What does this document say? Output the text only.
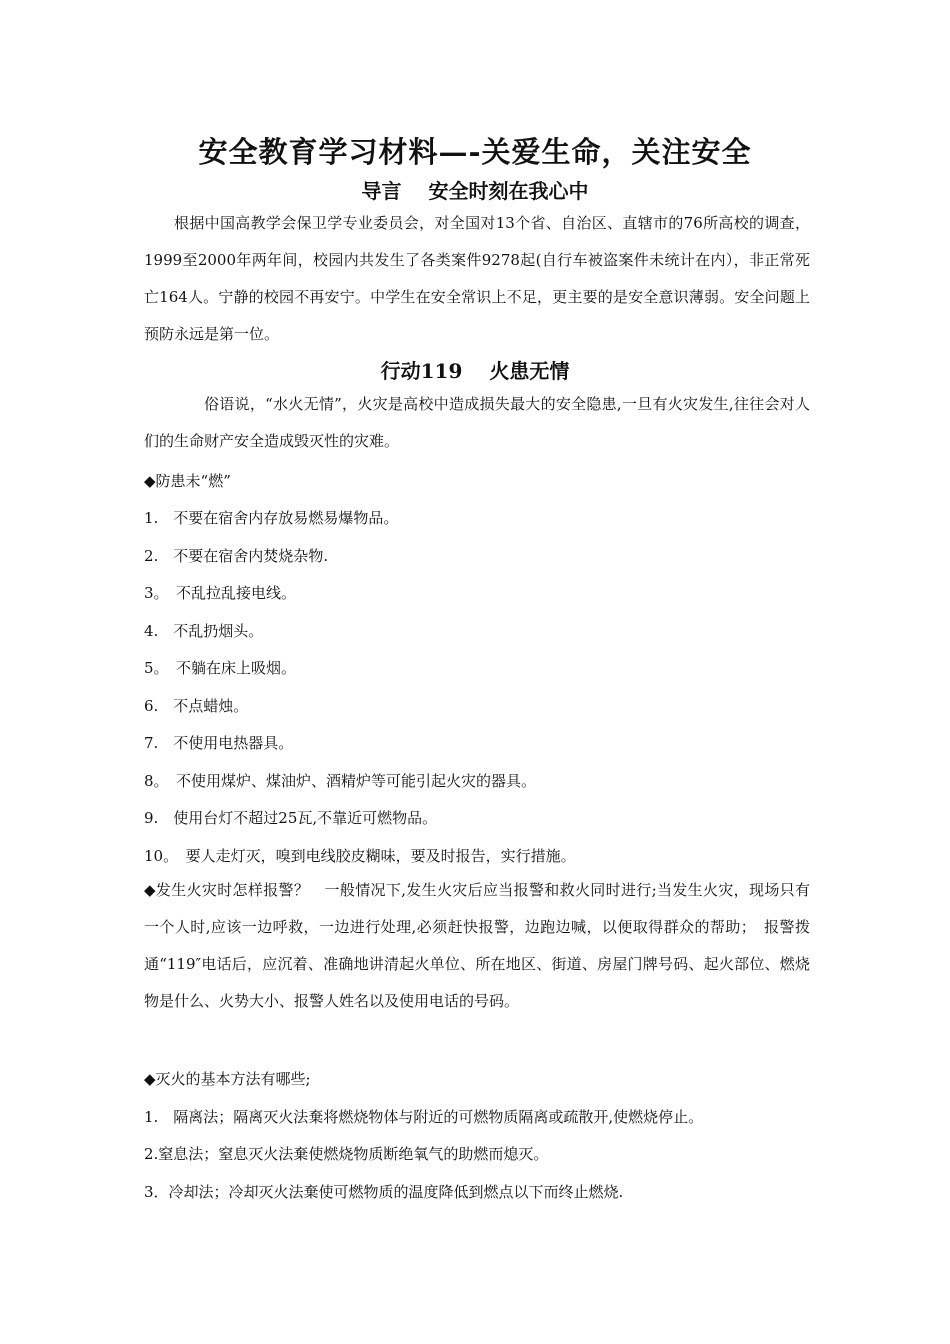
安全教育学习材料—-关爱生命，关注安全
导言　 安全时刻在我心中
根据中国高教学会保卫学专业委员会，对全国对13个省、自治区、直辖市的76所高校的调查，1999至2000年两年间，校园内共发生了各类案件9278起(自行车被盗案件未统计在内），非正常死亡164人。宁静的校园不再安宁。中学生在安全常识上不足，更主要的是安全意识薄弱。安全问题上预防永远是第一位。
行动119　 火患无情
俗语说，“水火无情”，火灾是高校中造成损失最大的安全隐患,一旦有火灾发生,往往会对人们的生命财产安全造成毁灭性的灾难。
◆防患未“燃”
1.　不要在宿舍内存放易燃易爆物品。
2.　不要在宿舍内焚烧杂物.
3。　不乱拉乱接电线。
4.　不乱扔烟头。
5。　不躺在床上吸烟。
6.　不点蜡烛。
7.　不使用电热器具。
8。　不使用煤炉、煤油炉、酒精炉等可能引起火灾的器具。
9.　使用台灯不超过25瓦,不靠近可燃物品。
10。　要人走灯灭，嗅到电线胶皮糊味，要及时报告，实行措施。
◆发生火灾时怎样报警？　一般情况下,发生火灾后应当报警和救火同时进行;当发生火灾，现场只有一个人时,应该一边呼救，一边进行处理,必须赶快报警，边跑边喊，以便取得群众的帮助；　报警拨通“119″电话后，应沉着、准确地讲清起火单位、所在地区、街道、房屋门牌号码、起火部位、燃烧物是什么、火势大小、报警人姓名以及使用电话的号码。
◆灭火的基本方法有哪些;
1.　隔离法；隔离灭火法棄将燃烧物体与附近的可燃物质隔离或疏散开,使燃烧停止。
2.窒息法；窒息灭火法棄使燃烧物质断绝氧气的助燃而熄灭。
3．冷却法；冷却灭火法棄使可燃物质的温度降低到燃点以下而终止燃烧.
